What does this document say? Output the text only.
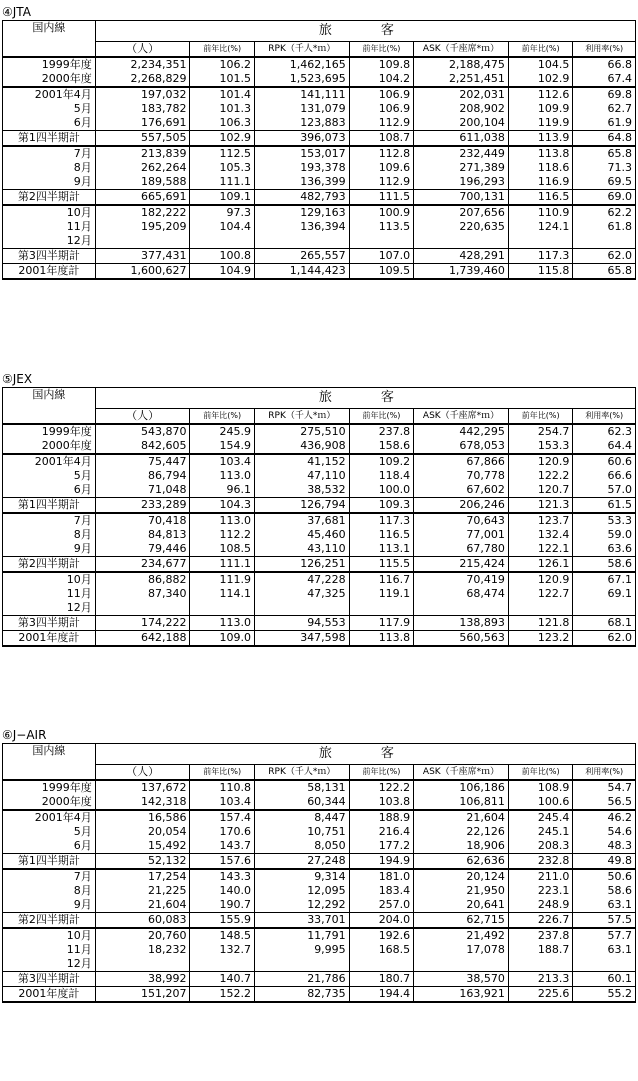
④JTA
国内線	旅　客						
	（人）	前年比(%)	RPK（千人*ｍ）	前年比(%)	ASK（千座席*ｍ）	前年比(%)	利用率(%)
1999年度	2,234,351	106.2	1,462,165	109.8	2,188,475	104.5	66.8
2000年度	2,268,829	101.5	1,523,695	104.2	2,251,451	102.9	67.4
2001年4月	197,032	101.4	141,111	106.9	202,031	112.6	69.8
5月	183,782	101.3	131,079	106.9	208,902	109.9	62.7
6月	176,691	106.3	123,883	112.9	200,104	119.9	61.9
第1四半期計	557,505	102.9	396,073	108.7	611,038	113.9	64.8
7月	213,839	112.5	153,017	112.8	232,449	113.8	65.8
8月	262,264	105.3	193,378	109.6	271,389	118.6	71.3
9月	189,588	111.1	136,399	112.9	196,293	116.9	69.5
第2四半期計	665,691	109.1	482,793	111.5	700,131	116.5	69.0
10月	182,222	97.3	129,163	100.9	207,656	110.9	62.2
11月	195,209	104.4	136,394	113.5	220,635	124.1	61.8
12月							
第3四半期計	377,431	100.8	265,557	107.0	428,291	117.3	62.0
2001年度計	1,600,627	104.9	1,144,423	109.5	1,739,460	115.8	65.8
⑤JEX
国内線	旅　客						
	（人）	前年比(%)	RPK（千人*ｍ）	前年比(%)	ASK（千座席*ｍ）	前年比(%)	利用率(%)
1999年度	543,870	245.9	275,510	237.8	442,295	254.7	62.3
2000年度	842,605	154.9	436,908	158.6	678,053	153.3	64.4
2001年4月	75,447	103.4	41,152	109.2	67,866	120.9	60.6
5月	86,794	113.0	47,110	118.4	70,778	122.2	66.6
6月	71,048	96.1	38,532	100.0	67,602	120.7	57.0
第1四半期計	233,289	104.3	126,794	109.3	206,246	121.3	61.5
7月	70,418	113.0	37,681	117.3	70,643	123.7	53.3
8月	84,813	112.2	45,460	116.5	77,001	132.4	59.0
9月	79,446	108.5	43,110	113.1	67,780	122.1	63.6
第2四半期計	234,677	111.1	126,251	115.5	215,424	126.1	58.6
10月	86,882	111.9	47,228	116.7	70,419	120.9	67.1
11月	87,340	114.1	47,325	119.1	68,474	122.7	69.1
12月							
第3四半期計	174,222	113.0	94,553	117.9	138,893	121.8	68.1
2001年度計	642,188	109.0	347,598	113.8	560,563	123.2	62.0
⑥J−AIR
国内線	旅　客						
	（人）	前年比(%)	RPK（千人*ｍ）	前年比(%)	ASK（千座席*ｍ）	前年比(%)	利用率(%)
1999年度	137,672	110.8	58,131	122.2	106,186	108.9	54.7
2000年度	142,318	103.4	60,344	103.8	106,811	100.6	56.5
2001年4月	16,586	157.4	8,447	188.9	21,604	245.4	46.2
5月	20,054	170.6	10,751	216.4	22,126	245.1	54.6
6月	15,492	143.7	8,050	177.2	18,906	208.3	48.3
第1四半期計	52,132	157.6	27,248	194.9	62,636	232.8	49.8
7月	17,254	143.3	9,314	181.0	20,124	211.0	50.6
8月	21,225	140.0	12,095	183.4	21,950	223.1	58.6
9月	21,604	190.7	12,292	257.0	20,641	248.9	63.1
第2四半期計	60,083	155.9	33,701	204.0	62,715	226.7	57.5
10月	20,760	148.5	11,791	192.6	21,492	237.8	57.7
11月	18,232	132.7	9,995	168.5	17,078	188.7	63.1
12月							
第3四半期計	38,992	140.7	21,786	180.7	38,570	213.3	60.1
2001年度計	151,207	152.2	82,735	194.4	163,921	225.6	55.2
